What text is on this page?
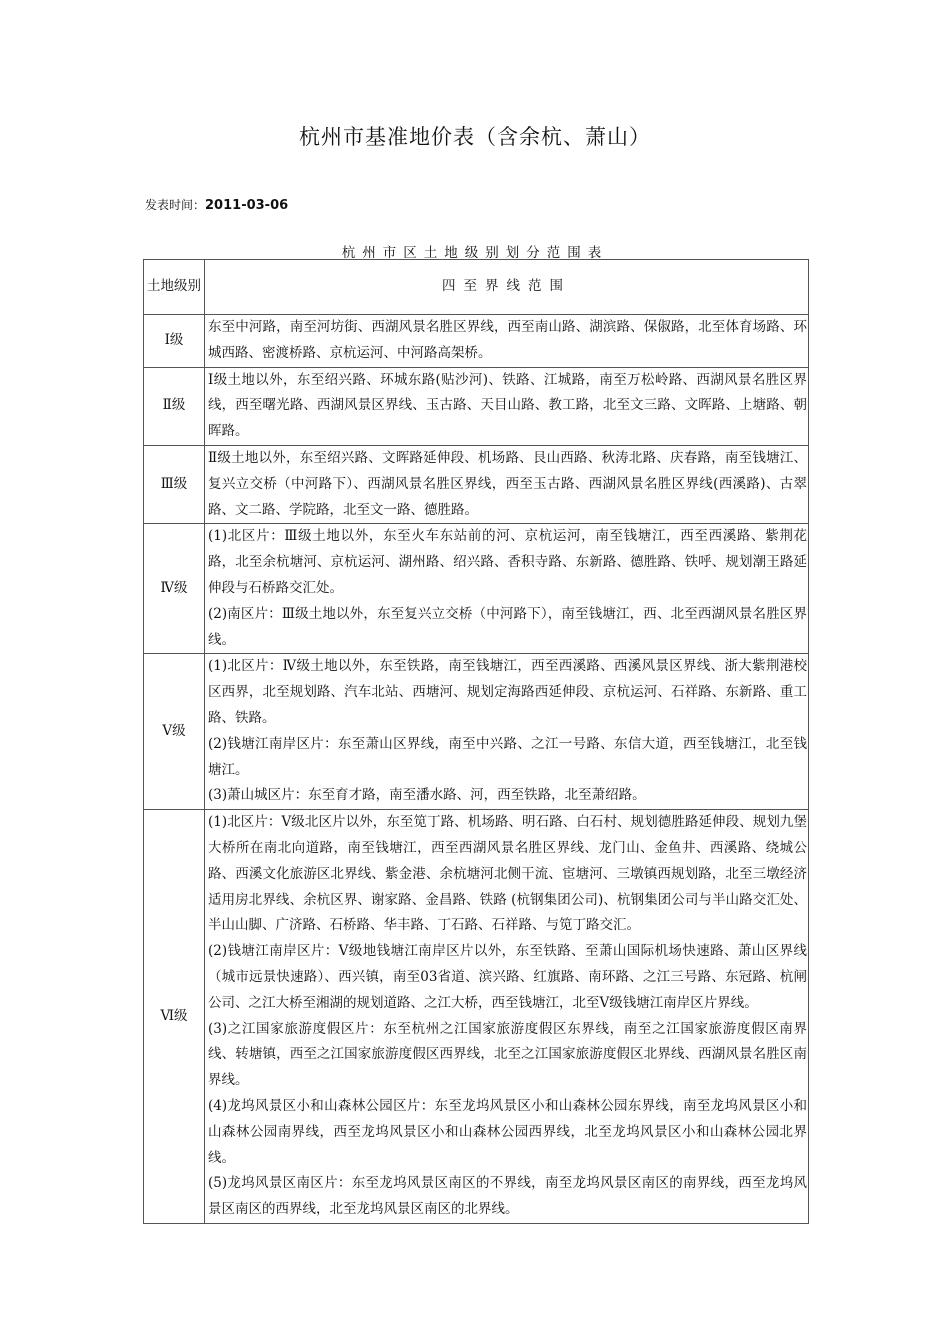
杭州市基准地价表（含余杭、萧山）
发表时间：2011-03-06
杭州市区土地级别划分范围表
土地级别	四至界线范围
Ⅰ级	东至中河路，南至河坊街、西湖风景名胜区界线，西至南山路、湖滨路、保俶路，北至体育场路、环城西路、密渡桥路、京杭运河、中河路高架桥。

Ⅱ级	Ⅰ级土地以外，东至绍兴路、环城东路(贴沙河)、铁路、江城路，南至万松岭路、西湖风景名胜区界线，西至曙光路、西湖风景区界线、玉古路、天目山路、教工路，北至文三路、文晖路、上塘路、朝晖路。

Ⅲ级	Ⅱ级土地以外，东至绍兴路、文晖路延伸段、机场路、艮山西路、秋涛北路、庆春路，南至钱塘江、复兴立交桥（中河路下）、西湖风景名胜区界线，西至玉古路、西湖风景名胜区界线(西溪路)、古翠路、文二路、学院路，北至文一路、德胜路。

Ⅳ级	(1)北区片：Ⅲ级土地以外，东至火车东站前的河、京杭运河，南至钱塘江，西至西溪路、紫荆花路，北至余杭塘河、京杭运河、湖州路、绍兴路、香积寺路、东新路、德胜路、铁呼、规划潮王路延伸段与石桥路交汇处。

(2)南区片：Ⅲ级土地以外，东至复兴立交桥（中河路下），南至钱塘江，西、北至西湖风景名胜区界线。

Ⅴ级	(1)北区片：Ⅳ级土地以外，东至铁路，南至钱塘江，西至西溪路、西溪风景区界线、浙大紫荆港校区西界，北至规划路、汽车北站、西塘河、规划定海路西延伸段、京杭运河、石祥路、东新路、重工路、铁路。

(2)钱塘江南岸区片：东至萧山区界线，南至中兴路、之江一号路、东信大道，西至钱塘江，北至钱塘江。

(3)萧山城区片：东至育才路，南至潘水路、河，西至铁路，北至萧绍路。

Ⅵ级	(1)北区片：Ⅴ级北区片以外，东至笕丁路、机场路、明石路、白石村、规划德胜路延伸段、规划九堡大桥所在南北向道路，南至钱塘江，西至西湖风景名胜区界线、龙门山、金鱼井、西溪路、绕城公路、西溪文化旅游区北界线、紫金港、余杭塘河北侧干流、宦塘河、三墩镇西规划路，北至三墩经济适用房北界线、余杭区界、谢家路、金昌路、铁路 (杭钢集团公司)、杭钢集团公司与半山路交汇处、半山山脚、广济路、石桥路、华丰路、丁石路、石祥路、与笕丁路交汇。

(2)钱塘江南岸区片：Ⅴ级地钱塘江南岸区片以外，东至铁路、至萧山国际机场快速路、萧山区界线（城市远景快速路）、西兴镇，南至03省道、滨兴路、红旗路、南环路、之江三号路、东冠路、杭闸公司、之江大桥至湘湖的规划道路、之江大桥，西至钱塘江，北至Ⅴ级钱塘江南岸区片界线。

(3)之江国家旅游度假区片：东至杭州之江国家旅游度假区东界线，南至之江国家旅游度假区南界线、转塘镇，西至之江国家旅游度假区西界线，北至之江国家旅游度假区北界线、西湖风景名胜区南界线。

(4)龙坞风景区小和山森林公园区片：东至龙坞风景区小和山森林公园东界线，南至龙坞风景区小和山森林公园南界线，西至龙坞风景区小和山森林公园西界线，北至龙坞风景区小和山森林公园北界线。

(5)龙坞风景区南区片：东至龙坞风景区南区的不界线，南至龙坞风景区南区的南界线，西至龙坞风景区南区的西界线，北至龙坞风景区南区的北界线。
